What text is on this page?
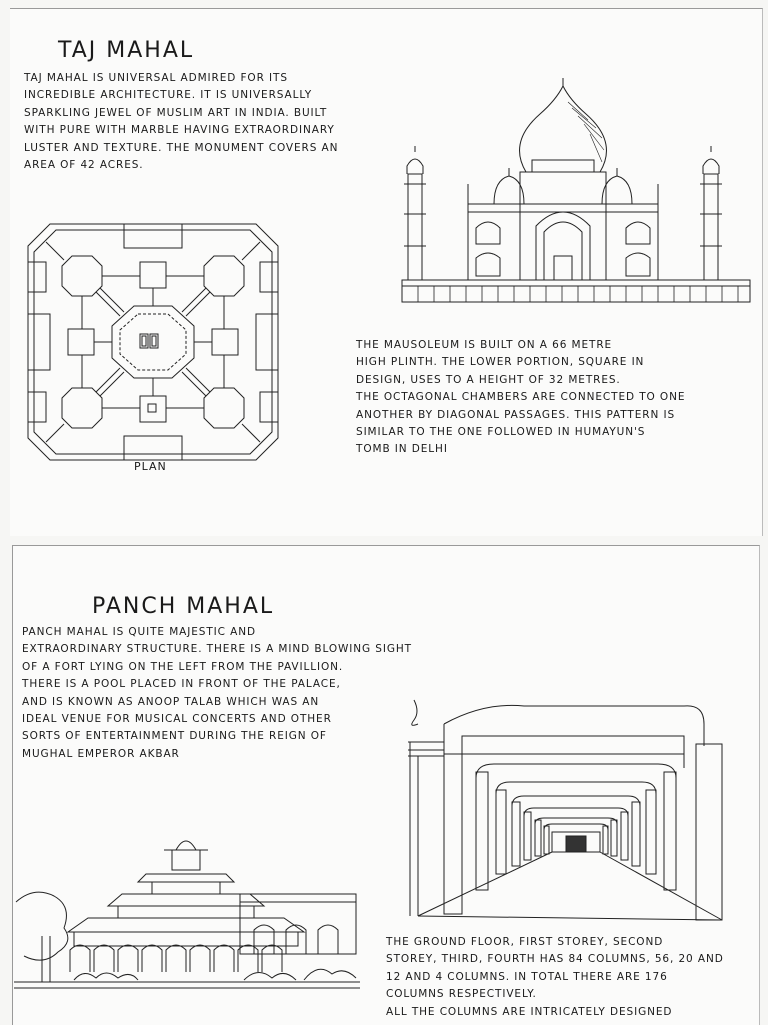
TAJ MAHAL

TAJ MAHAL IS UNIVERSAL ADMIRED FOR ITS
INCREDIBLE ARCHITECTURE. IT IS UNIVERSALLY
SPARKLING JEWEL OF MUSLIM ART IN INDIA. BUILT
WITH PURE WITH MARBLE HAVING EXTRAORDINARY
LUSTER AND TEXTURE. THE MONUMENT COVERS AN
AREA OF 42 ACRES.

PLAN

THE MAUSOLEUM IS BUILT ON A 66 METRE
HIGH PLINTH. THE LOWER PORTION, SQUARE IN
DESIGN, USES TO A HEIGHT OF 32 METRES.
THE OCTAGONAL CHAMBERS ARE CONNECTED TO ONE
ANOTHER BY DIAGONAL PASSAGES. THIS PATTERN IS
SIMILAR TO THE ONE FOLLOWED IN HUMAYUN'S
TOMB IN DELHI

PANCH MAHAL

PANCH MAHAL IS QUITE MAJESTIC AND
EXTRAORDINARY STRUCTURE. THERE IS A MIND BLOWING SIGHT
OF A FORT LYING ON THE LEFT FROM THE PAVILLION.
THERE IS A POOL PLACED IN FRONT OF THE PALACE,
AND IS KNOWN AS ANOOP TALAB WHICH WAS AN
IDEAL VENUE FOR MUSICAL CONCERTS AND OTHER
SORTS OF ENTERTAINMENT DURING THE REIGN OF
MUGHAL EMPEROR AKBAR

THE GROUND FLOOR, FIRST STOREY, SECOND
STOREY, THIRD, FOURTH HAS 84 COLUMNS, 56, 20 AND
12 AND 4 COLUMNS. IN TOTAL THERE ARE 176
COLUMNS RESPECTIVELY.
ALL THE COLUMNS ARE INTRICATELY DESIGNED
